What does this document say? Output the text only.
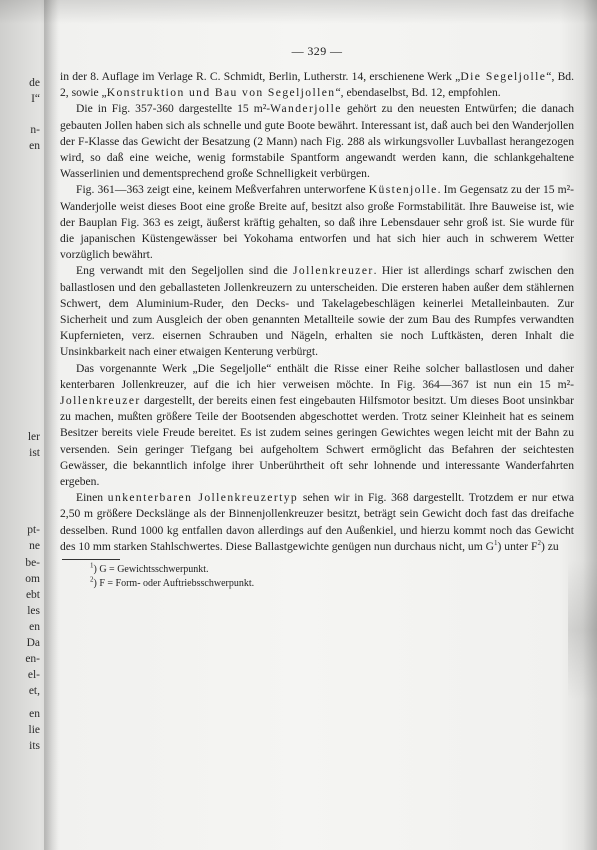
de
I“
n-
en
ler
ist
pt-
ne
be-
om
ebt
les
en
Da
en-
el-
et,
en
lie
its
— 329 —

in der 8. Auflage im Verlage R. C. Schmidt, Berlin, Lutherstr. 14, erschienene Werk „Die Segeljolle“, Bd. 2, sowie „Konstruktion und Bau von Segeljollen“, ebendaselbst, Bd. 12, empfohlen.

Die in Fig. 357-360 dargestellte 15 m²-Wanderjolle gehört zu den neuesten Entwürfen; die danach gebauten Jollen haben sich als schnelle und gute Boote bewährt. Interessant ist, daß auch bei den Wanderjollen der F-Klasse das Gewicht der Besatzung (2 Mann) nach Fig. 288 als wirkungsvoller Luvballast herangezogen wird, so daß eine weiche, wenig formstabile Spantform angewandt werden kann, die schlankgehaltene Wasserlinien und dementsprechend große Schnelligkeit verbürgen.

Fig. 361—363 zeigt eine, keinem Meßverfahren unterworfene Küstenjolle. Im Gegensatz zu der 15 m²-Wanderjolle weist dieses Boot eine große Breite auf, besitzt also große Formstabilität. Ihre Bauweise ist, wie der Bauplan Fig. 363 es zeigt, äußerst kräftig gehalten, so daß ihre Lebensdauer sehr groß ist. Sie wurde für die japanischen Küstengewässer bei Yokohama entworfen und hat sich hier auch in schwerem Wetter vorzüglich bewährt.

Eng verwandt mit den Segeljollen sind die Jollenkreuzer. Hier ist allerdings scharf zwischen den ballastlosen und den geballasteten Jollenkreuzern zu unterscheiden. Die ersteren haben außer dem stählernen Schwert, dem Aluminium-Ruder, den Decks- und Takelagebeschlägen keinerlei Metalleinbauten. Zur Sicherheit und zum Ausgleich der oben genannten Metallteile sowie der zum Bau des Rumpfes verwandten Kupfernieten, verz. eisernen Schrauben und Nägeln, erhalten sie noch Luftkästen, deren Inhalt die Unsinkbarkeit nach einer etwaigen Kenterung verbürgt.

Das vorgenannte Werk „Die Segeljolle“ enthält die Risse einer Reihe solcher ballastlosen und daher kenterbaren Jollenkreuzer, auf die ich hier verweisen möchte. In Fig. 364—367 ist nun ein 15 m²-Jollenkreuzer dargestellt, der bereits einen fest eingebauten Hilfsmotor besitzt. Um dieses Boot unsinkbar zu machen, mußten größere Teile der Bootsenden abgeschottet werden. Trotz seiner Kleinheit hat es seinem Besitzer bereits viele Freude bereitet. Es ist zudem seines geringen Gewichtes wegen leicht mit der Bahn zu versenden. Sein geringer Tiefgang bei aufgeholtem Schwert ermöglicht das Befahren der seichtesten Gewässer, die bekanntlich infolge ihrer Unberührtheit oft sehr lohnende und interessante Wanderfahrten ergeben.

Einen unkenterbaren Jollenkreuzertyp sehen wir in Fig. 368 dargestellt. Trotzdem er nur etwa 2,50 m größere Deckslänge als der Binnenjollenkreuzer besitzt, beträgt sein Gewicht doch fast das dreifache desselben. Rund 1000 kg entfallen davon allerdings auf den Außenkiel, und hierzu kommt noch das Gewicht des 10 mm starken Stahlschwertes. Diese Ballastgewichte genügen nun durchaus nicht, um $G^1$) unter $F^2$) zu

$^1$) G = Gewichtsschwerpunkt.

$^2$) F = Form- oder Auftriebsschwerpunkt.
